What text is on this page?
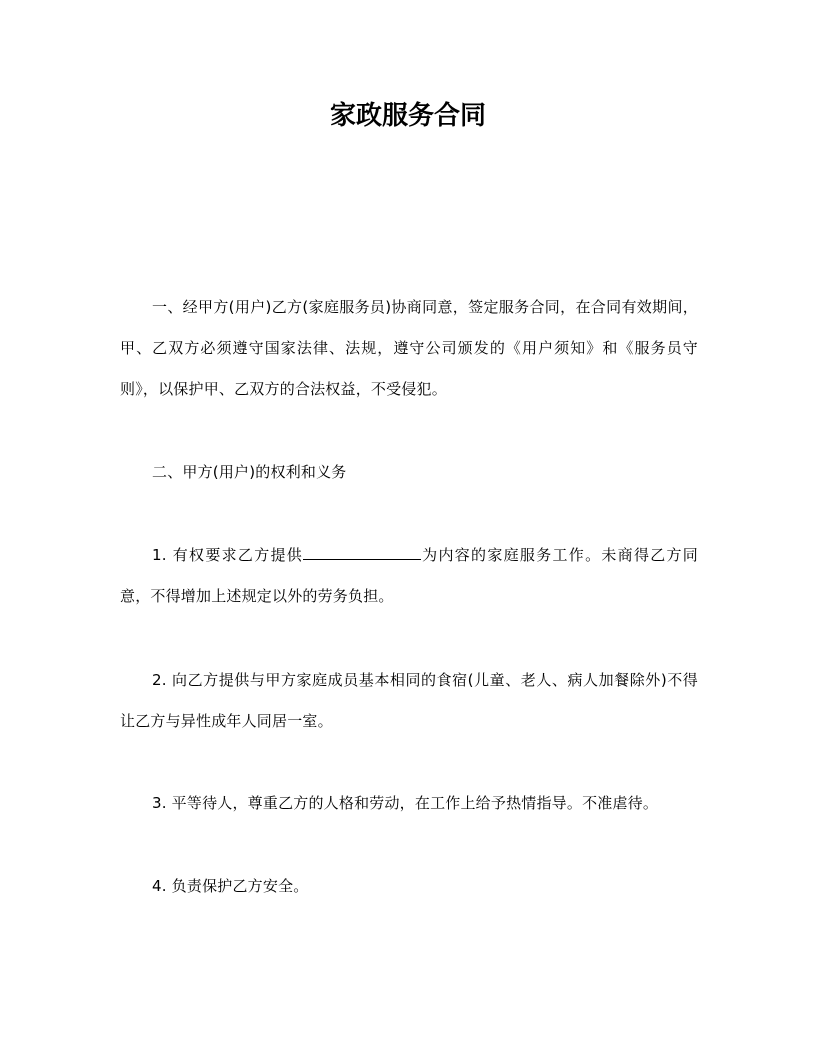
家政服务合同

一、经甲方(用户)乙方(家庭服务员)协商同意，签定服务合同，在合同有效期间，甲、乙双方必须遵守国家法律、法规，遵守公司颁发的《用户须知》和《服务员守则》，以保护甲、乙双方的合法权益，不受侵犯。

二、甲方(用户)的权利和义务

1. 有权要求乙方提供	为内容的家庭服务工作。未商得乙方同意，不得增加上述规定以外的劳务负担。

2. 向乙方提供与甲方家庭成员基本相同的食宿(儿童、老人、病人加餐除外)不得让乙方与异性成年人同居一室。

3. 平等待人，尊重乙方的人格和劳动，在工作上给予热情指导。不准虐待。

4. 负责保护乙方安全。
